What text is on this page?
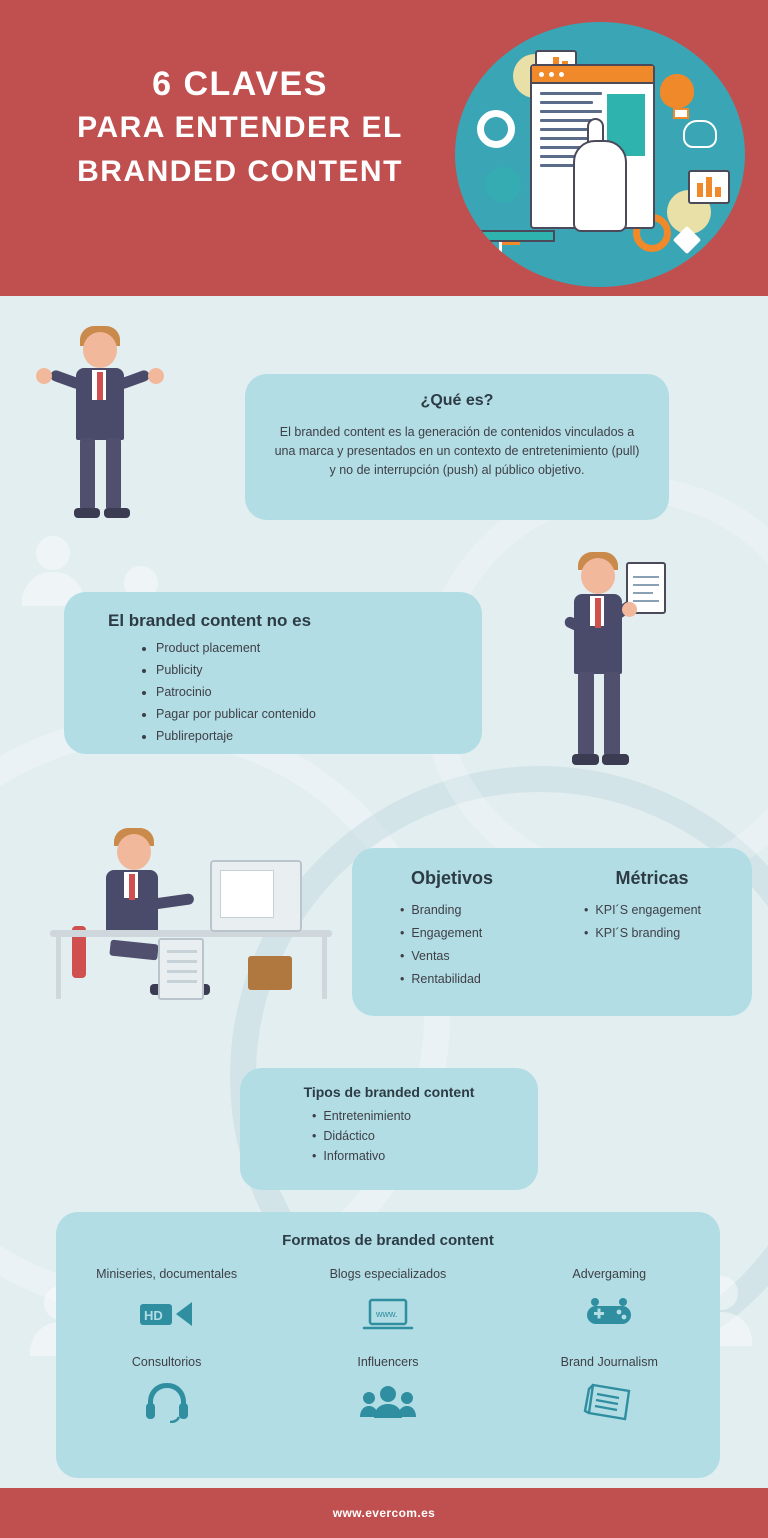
6 CLAVES
PARA ENTENDER EL
BRANDED CONTENT
¿Qué es?

El branded content es la generación de contenidos vinculados a una marca y presentados en un contexto de entretenimiento (pull) y no de interrupción (push) al público objetivo.

El branded content no es
• Product placement
• Publicity
• Patrocinio
• Pagar por publicar contenido
• Publireportaje
Objetivos
• Branding
• Engagement
• Ventas
• Rentabilidad
Métricas
• KPI´S engagement
• KPI´S branding
Tipos de branded content
• Entretenimiento
• Didáctico
• Informativo
Formatos de branded content
Miniseries, documentales
HD
Blogs especializados
www.
Advergaming
Consultorios	Influencers	Brand Journalism
www.evercom.es
